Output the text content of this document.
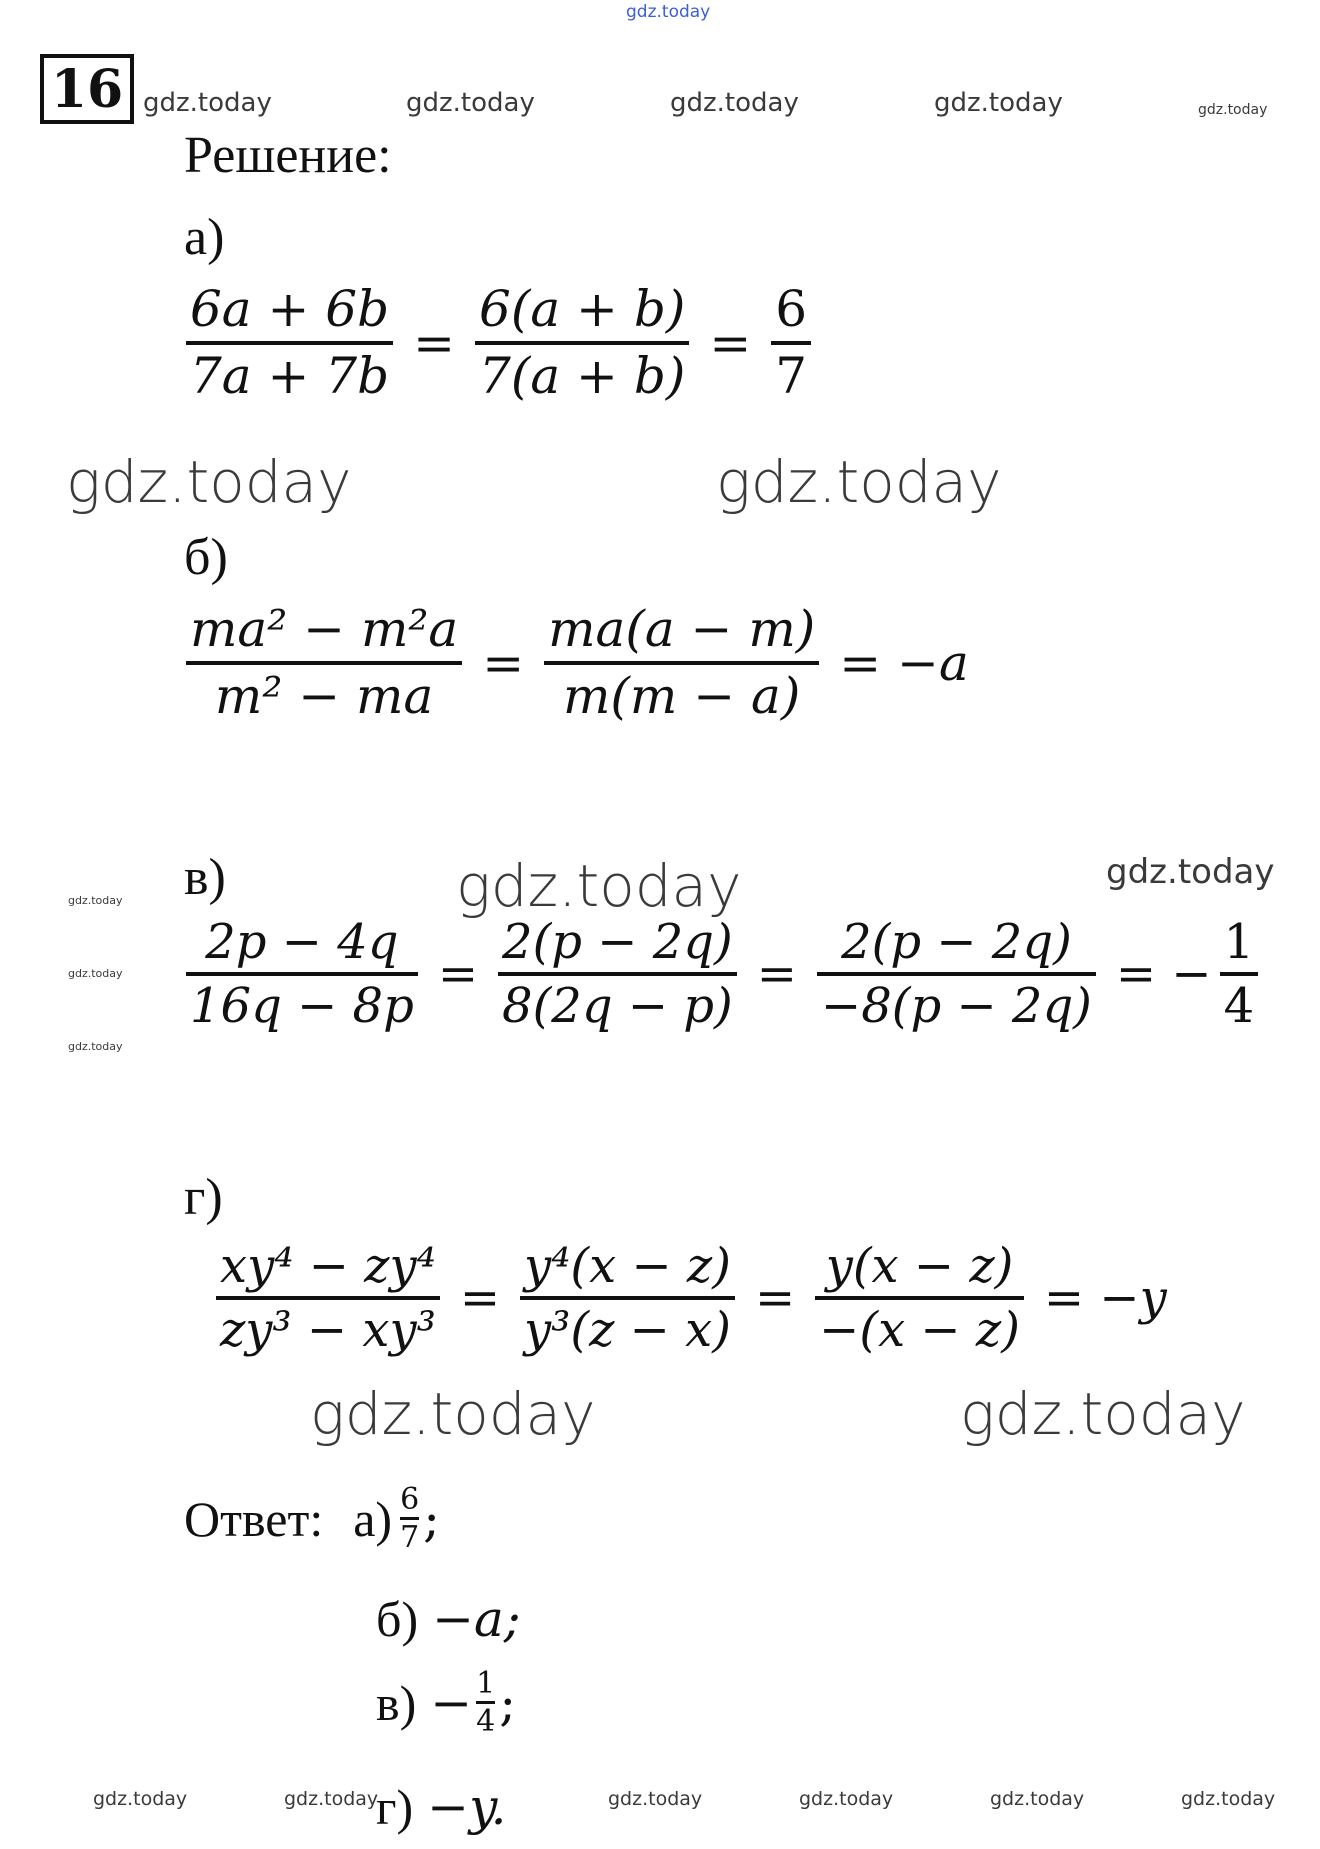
gdz.today
gdz.today	gdz.today	gdz.today	gdz.today	gdz.today
gdz.today	gdz.today
gdz.today	gdz.today
gdz.today
gdz.today
gdz.today
gdz.today	gdz.today
gdz.today	gdz.today	gdz.today	gdz.today	gdz.today	gdz.today
16
Решение:
а)
$\frac{6a + 6b}{7a + 7b} = \frac{6(a + b)}{7(a + b)} = \frac{6}{7}$
б)
$\frac{\text{ma² − m²a}}{\text{m² − ma}} = \frac{ma(a - m)}{m(m - a)} = -a$
в)
$\frac{2p - 4q}{16q - 8p} = \frac{2(p - 2q)}{8(2q - p)} = \frac{2(p - 2q)}{-8(p - 2q)}$ = − $\frac{1}{4}$
г)
$\frac{\text{xy⁴ − zy⁴}}{\text{zy³ − xy³}} = \frac{\text{y⁴(x − z)}}{\text{y³(z − x)}} = \frac{y(x - z)}{-(x - z)} = -y$
Ответ: а) 6
7 ;
б) −a;
в) − 1
4 ;
г) −y.
